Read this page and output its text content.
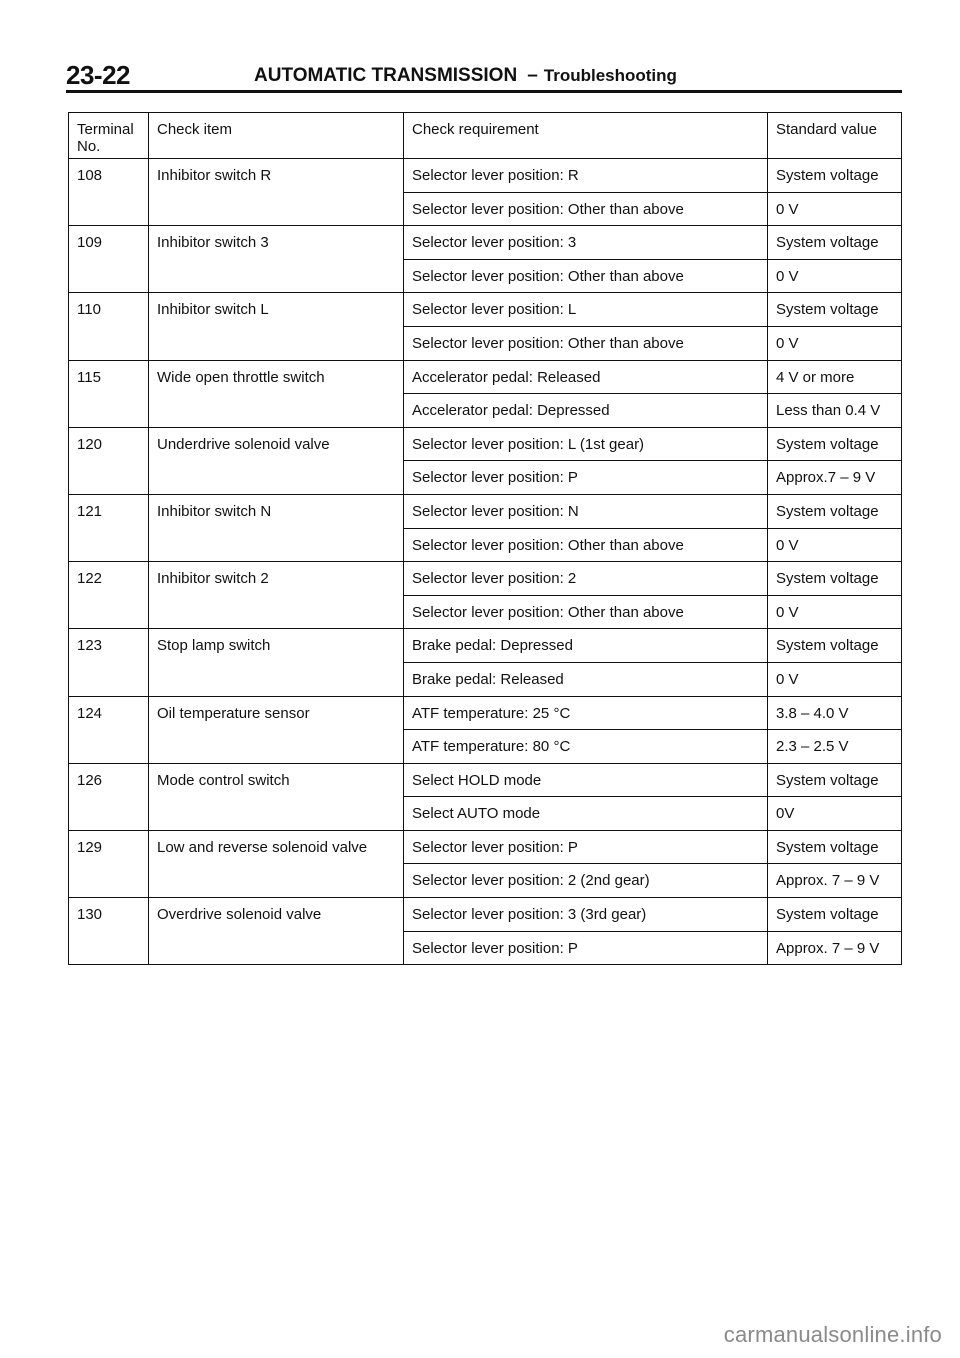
23-22	AUTOMATIC TRANSMISSION – Troubleshooting
Terminal No.	Check item	Check requirement	Standard value
108	Inhibitor switch R	Selector lever position: R	System voltage
		Selector lever position: Other than above	0 V
109	Inhibitor switch 3	Selector lever position: 3	System voltage
		Selector lever position: Other than above	0 V
110	Inhibitor switch L	Selector lever position: L	System voltage
		Selector lever position: Other than above	0 V
115	Wide open throttle switch	Accelerator pedal: Released	4 V or more
		Accelerator pedal: Depressed	Less than 0.4 V
120	Underdrive solenoid valve	Selector lever position: L (1st gear)	System voltage
		Selector lever position: P	Approx.7 – 9 V
121	Inhibitor switch N	Selector lever position: N	System voltage
		Selector lever position: Other than above	0 V
122	Inhibitor switch 2	Selector lever position: 2	System voltage
		Selector lever position: Other than above	0 V
123	Stop lamp switch	Brake pedal: Depressed	System voltage
		Brake pedal: Released	0 V
124	Oil temperature sensor	ATF temperature: 25 °C	3.8 – 4.0 V
		ATF temperature: 80 °C	2.3 – 2.5 V
126	Mode control switch	Select HOLD mode	System voltage
		Select AUTO mode	0V
129	Low and reverse solenoid valve	Selector lever position: P	System voltage
		Selector lever position: 2 (2nd gear)	Approx. 7 – 9 V
130	Overdrive solenoid valve	Selector lever position: 3 (3rd gear)	System voltage
		Selector lever position: P	Approx. 7 – 9 V
carmanualsonline.info
